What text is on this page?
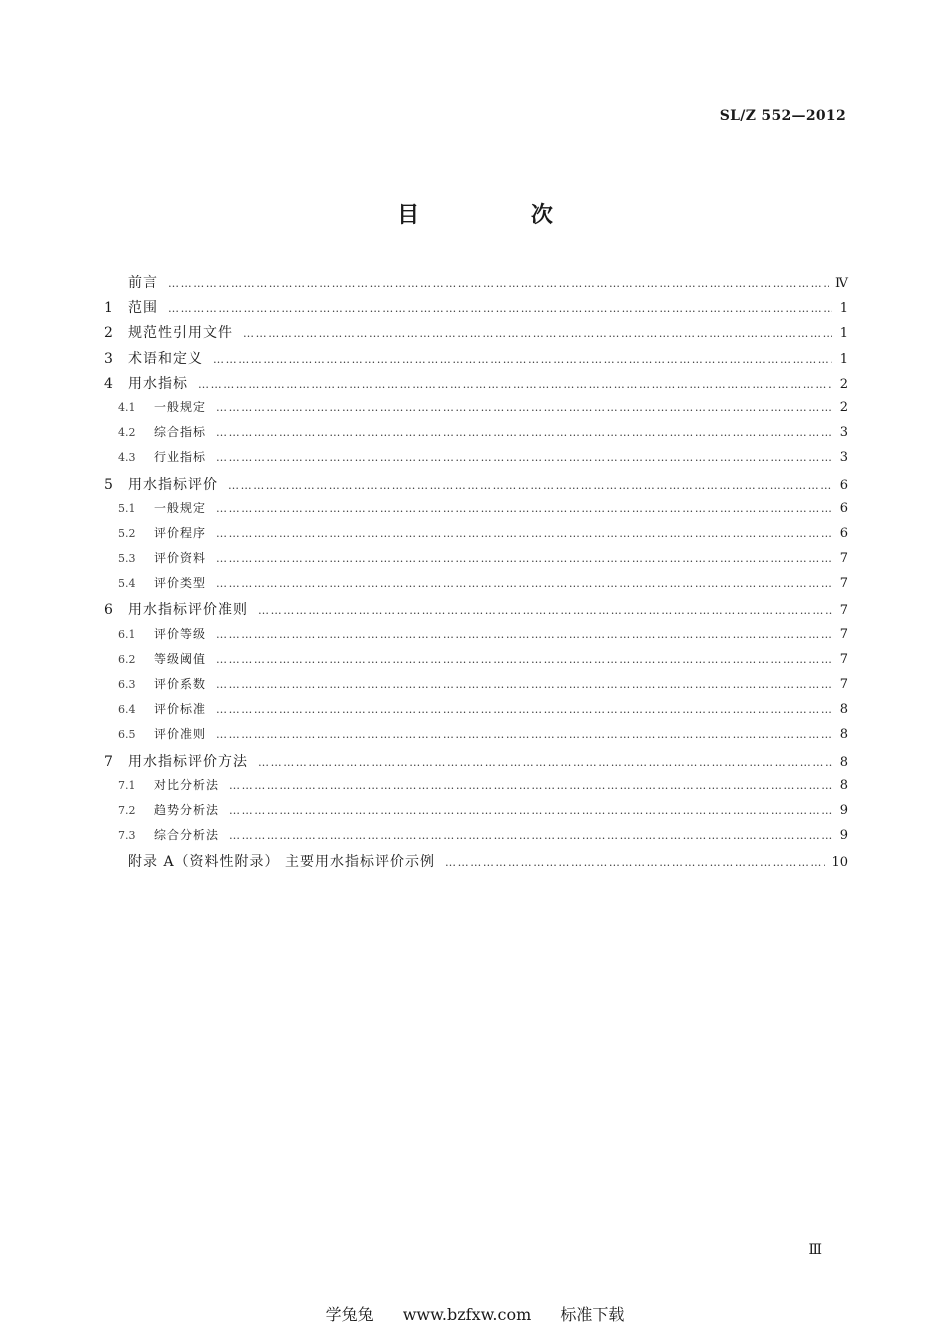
SL/Z 552—2012
目 次
前言 ……………………………………………………………………………………………………………………………………………………………………………………………………	Ⅳ
1	范围 ……………………………………………………………………………………………………………………………………………………………………………………………………	1
2	规范性引用文件 ……………………………………………………………………………………………………………………………………………………………………………………………………	1
3	术语和定义 ……………………………………………………………………………………………………………………………………………………………………………………………………	1
4	用水指标 ……………………………………………………………………………………………………………………………………………………………………………………………………	2
4.1	一般规定 ……………………………………………………………………………………………………………………………………………………………………………………………………	2
4.2	综合指标 ……………………………………………………………………………………………………………………………………………………………………………………………………	3
4.3	行业指标 ……………………………………………………………………………………………………………………………………………………………………………………………………	3
5	用水指标评价 ……………………………………………………………………………………………………………………………………………………………………………………………………	6
5.1	一般规定 ……………………………………………………………………………………………………………………………………………………………………………………………………	6
5.2	评价程序 ……………………………………………………………………………………………………………………………………………………………………………………………………	6
5.3	评价资料 ……………………………………………………………………………………………………………………………………………………………………………………………………	7
5.4	评价类型 ……………………………………………………………………………………………………………………………………………………………………………………………………	7
6	用水指标评价准则 ……………………………………………………………………………………………………………………………………………………………………………………………………	7
6.1	评价等级 ……………………………………………………………………………………………………………………………………………………………………………………………………	7
6.2	等级阈值 ……………………………………………………………………………………………………………………………………………………………………………………………………	7
6.3	评价系数 ……………………………………………………………………………………………………………………………………………………………………………………………………	7
6.4	评价标准 ……………………………………………………………………………………………………………………………………………………………………………………………………	8
6.5	评价准则 ……………………………………………………………………………………………………………………………………………………………………………………………………	8
7	用水指标评价方法 ……………………………………………………………………………………………………………………………………………………………………………………………………	8
7.1	对比分析法 ……………………………………………………………………………………………………………………………………………………………………………………………………	8
7.2	趋势分析法 ……………………………………………………………………………………………………………………………………………………………………………………………………	9
7.3	综合分析法 ……………………………………………………………………………………………………………………………………………………………………………………………………	9
附录 A（资料性附录） 主要用水指标评价示例 ……………………………………………………………………………………………………………………………………………………………………………………………………	10
Ⅲ
学兔兔 www.bzfxw.com 标准下载
